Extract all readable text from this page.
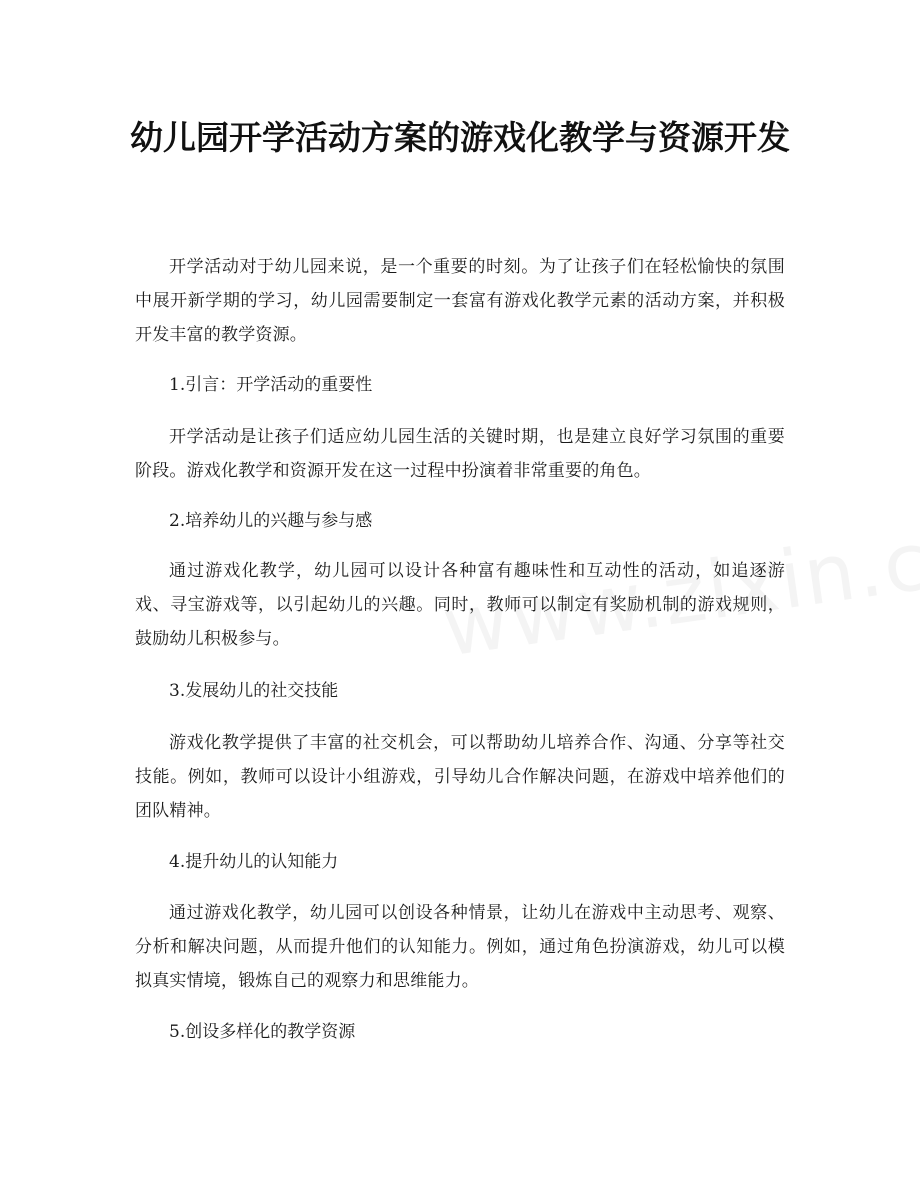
幼儿园开学活动方案的游戏化教学与资源开发

开学活动对于幼儿园来说，是一个重要的时刻。为了让孩子们在轻松愉快的氛围中展开新学期的学习，幼儿园需要制定一套富有游戏化教学元素的活动方案，并积极开发丰富的教学资源。

1.引言：开学活动的重要性

开学活动是让孩子们适应幼儿园生活的关键时期，也是建立良好学习氛围的重要阶段。游戏化教学和资源开发在这一过程中扮演着非常重要的角色。

2.培养幼儿的兴趣与参与感

通过游戏化教学，幼儿园可以设计各种富有趣味性和互动性的活动，如追逐游戏、寻宝游戏等，以引起幼儿的兴趣。同时，教师可以制定有奖励机制的游戏规则，鼓励幼儿积极参与。

3.发展幼儿的社交技能

游戏化教学提供了丰富的社交机会，可以帮助幼儿培养合作、沟通、分享等社交技能。例如，教师可以设计小组游戏，引导幼儿合作解决问题，在游戏中培养他们的团队精神。

4.提升幼儿的认知能力

通过游戏化教学，幼儿园可以创设各种情景，让幼儿在游戏中主动思考、观察、分析和解决问题，从而提升他们的认知能力。例如，通过角色扮演游戏，幼儿可以模拟真实情境，锻炼自己的观察力和思维能力。

5.创设多样化的教学资源
